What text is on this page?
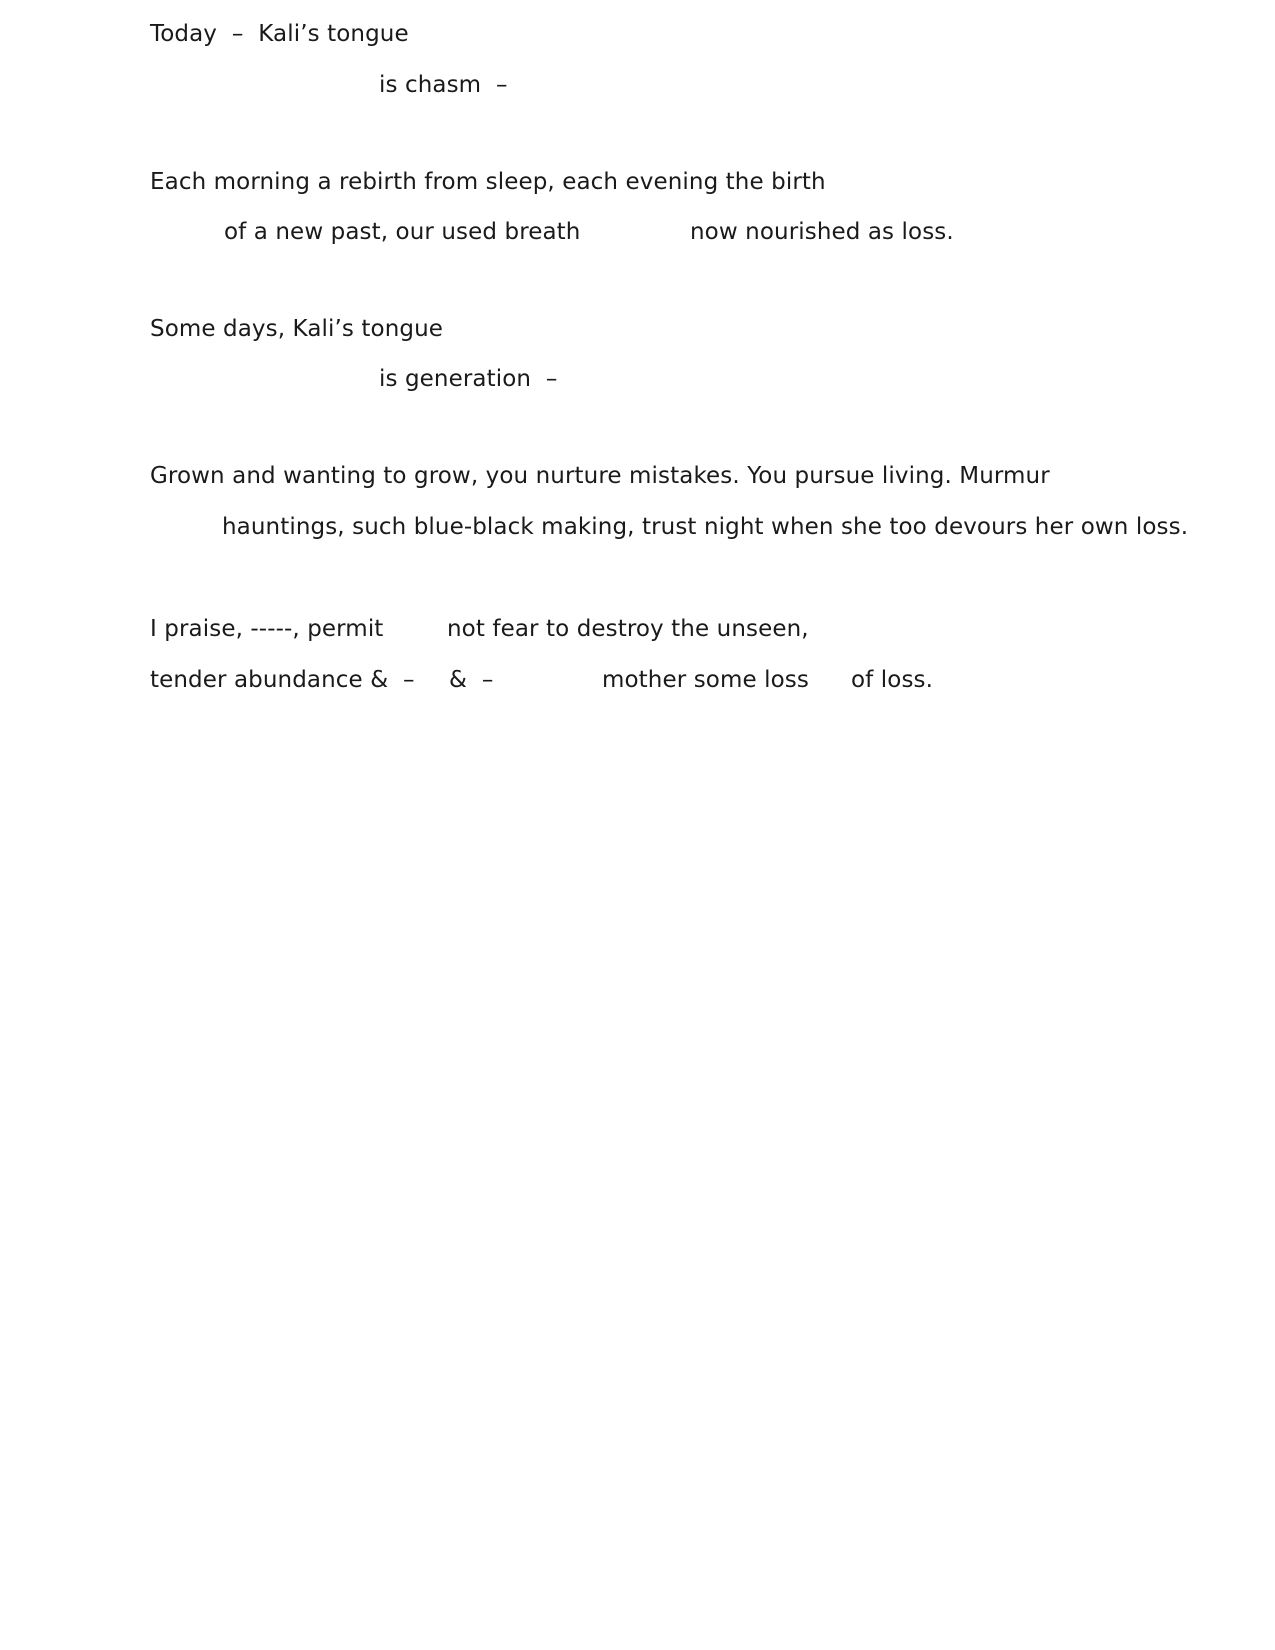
Today  –  Kali’s tongue
is chasm  –
Each morning a rebirth from sleep, each evening the birth
of a new past, our used breath	now nourished as loss.
Some days, Kali’s tongue
is generation  –
Grown and wanting to grow, you nurture mistakes. You pursue living. Murmur
hauntings, such blue-black making, trust night when she too devours her own loss.
I praise, -----, permit	not fear to destroy the unseen,
tender abundance &  – &  –	mother some loss of loss.
